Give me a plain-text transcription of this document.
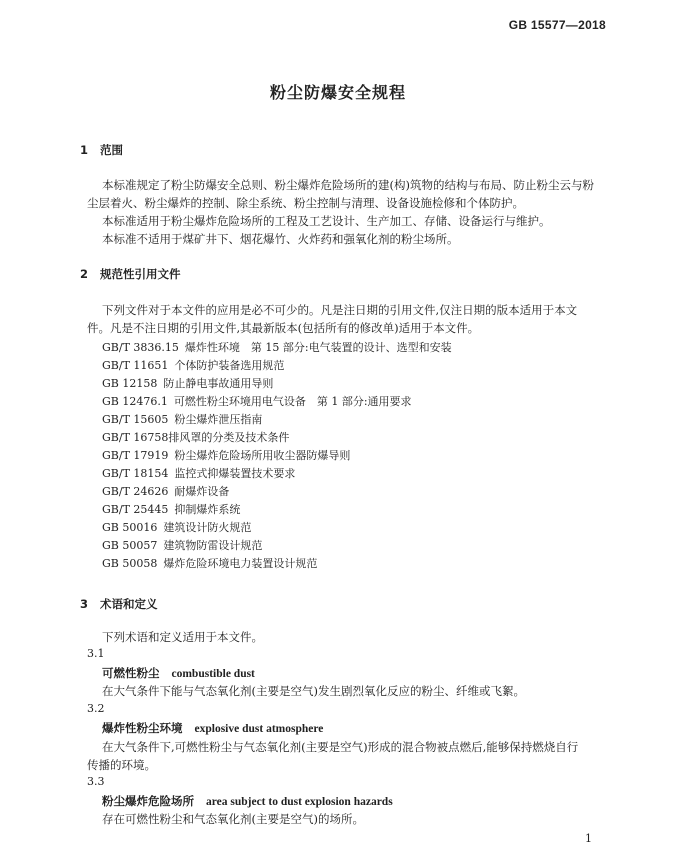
GB 15577—2018
粉尘防爆安全规程
1 范围
本标准规定了粉尘防爆安全总则、粉尘爆炸危险场所的建(构)筑物的结构与布局、防止粉尘云与粉
尘层着火、粉尘爆炸的控制、除尘系统、粉尘控制与清理、设备设施检修和个体防护。
本标准适用于粉尘爆炸危险场所的工程及工艺设计、生产加工、存储、设备运行与维护。
本标准不适用于煤矿井下、烟花爆竹、火炸药和强氧化剂的粉尘场所。
2 规范性引用文件
下列文件对于本文件的应用是必不可少的。凡是注日期的引用文件,仅注日期的版本适用于本文
件。凡是不注日期的引用文件,其最新版本(包括所有的修改单)适用于本文件。
GB/T 3836.15 爆炸性环境　第 15 部分:电气装置的设计、选型和安装
GB/T 11651 个体防护装备选用规范
GB 12158 防止静电事故通用导则
GB 12476.1 可燃性粉尘环境用电气设备　第 1 部分:通用要求
GB/T 15605 粉尘爆炸泄压指南
GB/T 16758排风罩的分类及技术条件
GB/T 17919 粉尘爆炸危险场所用收尘器防爆导则
GB/T 18154 监控式抑爆装置技术要求
GB/T 24626 耐爆炸设备
GB/T 25445 抑制爆炸系统
GB 50016 建筑设计防火规范
GB 50057 建筑物防雷设计规范
GB 50058 爆炸危险环境电力装置设计规范
3 术语和定义
下列术语和定义适用于本文件。
3.1
可燃性粉尘 combustible dust
在大气条件下能与气态氧化剂(主要是空气)发生剧烈氧化反应的粉尘、纤维或飞絮。
3.2
爆炸性粉尘环境 explosive dust atmosphere
在大气条件下,可燃性粉尘与气态氧化剂(主要是空气)形成的混合物被点燃后,能够保持燃烧自行
传播的环境。
3.3
粉尘爆炸危险场所 area subject to dust explosion hazards
存在可燃性粉尘和气态氧化剂(主要是空气)的场所。
1
